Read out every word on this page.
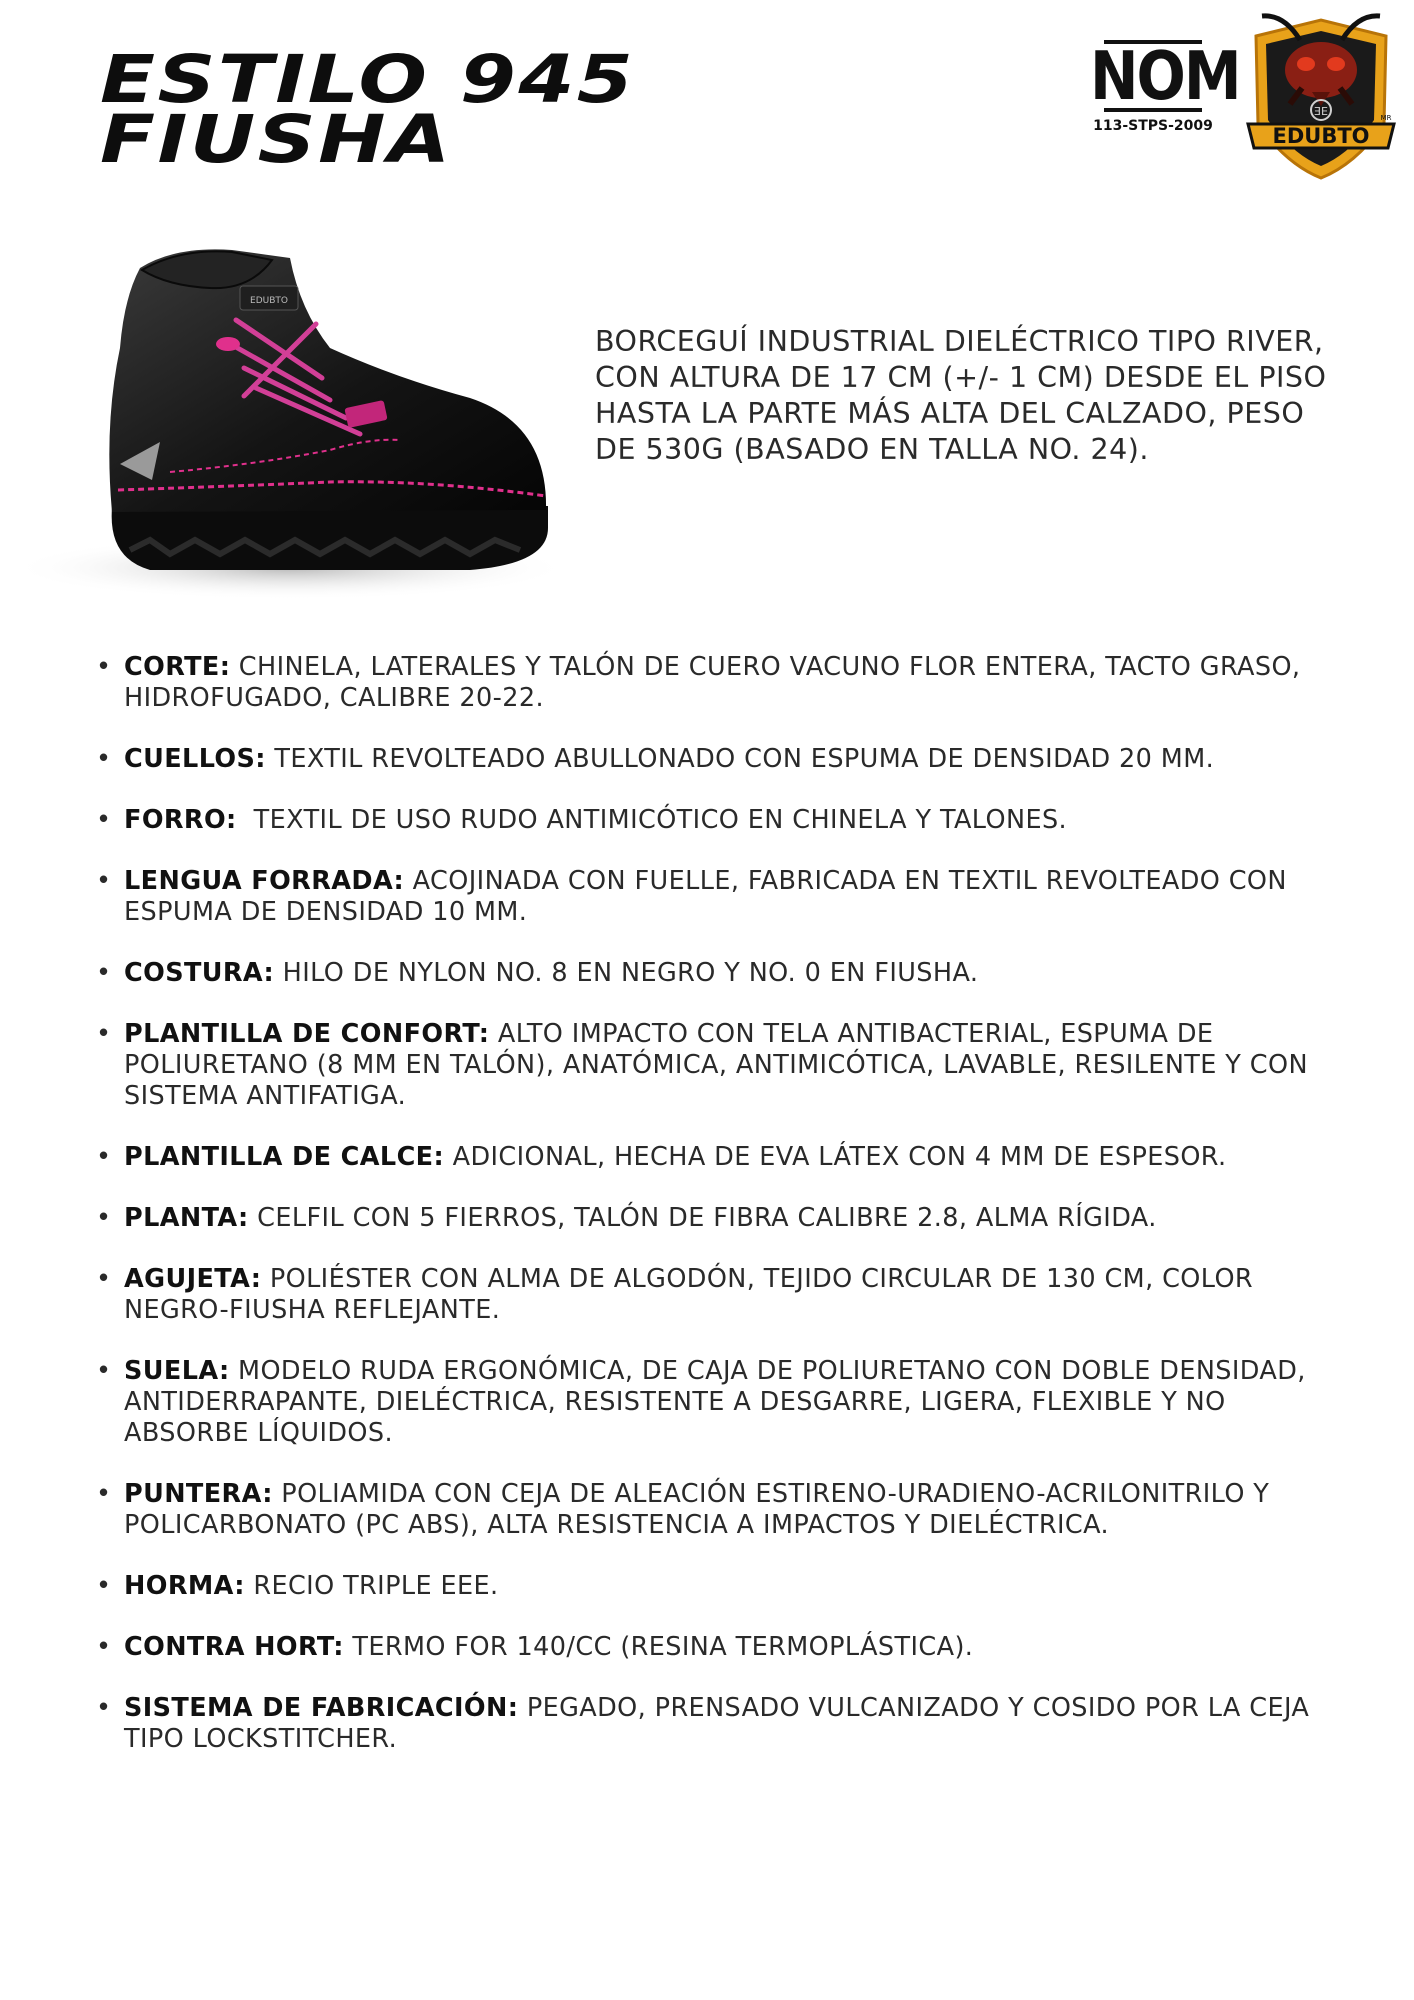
ESTILO 945
FIUSHA
NOM
113-STPS-2009
ƎE
EDUBTO
MR
EDUBTO

BORCEGUÍ INDUSTRIAL DIELÉCTRICO TIPO RIVER, CON ALTURA DE 17 CM (+/- 1 CM) DESDE EL PISO HASTA LA PARTE MÁS ALTA DEL CALZADO, PESO DE 530G (BASADO EN TALLA NO. 24).

• CORTE: CHINELA, LATERALES Y TALÓN DE CUERO VACUNO FLOR ENTERA, TACTO GRASO, HIDROFUGADO, CALIBRE 20-22.
• CUELLOS: TEXTIL REVOLTEADO ABULLONADO CON ESPUMA DE DENSIDAD 20 MM.
• FORRO:  TEXTIL DE USO RUDO ANTIMICÓTICO EN CHINELA Y TALONES.
• LENGUA FORRADA: ACOJINADA CON FUELLE, FABRICADA EN TEXTIL REVOLTEADO CON ESPUMA DE DENSIDAD 10 MM.
• COSTURA: HILO DE NYLON NO. 8 EN NEGRO Y NO. 0 EN FIUSHA.
• PLANTILLA DE CONFORT: ALTO IMPACTO CON TELA ANTIBACTERIAL, ESPUMA DE POLIURETANO (8 MM EN TALÓN), ANATÓMICA, ANTIMICÓTICA, LAVABLE, RESILENTE Y CON SISTEMA ANTIFATIGA.
• PLANTILLA DE CALCE: ADICIONAL, HECHA DE EVA LÁTEX CON 4 MM DE ESPESOR.
• PLANTA: CELFIL CON 5 FIERROS, TALÓN DE FIBRA CALIBRE 2.8, ALMA RÍGIDA.
• AGUJETA: POLIÉSTER CON ALMA DE ALGODÓN, TEJIDO CIRCULAR DE 130 CM, COLOR NEGRO-FIUSHA REFLEJANTE.
• SUELA: MODELO RUDA ERGONÓMICA, DE CAJA DE POLIURETANO CON DOBLE DENSIDAD, ANTIDERRAPANTE, DIELÉCTRICA, RESISTENTE A DESGARRE, LIGERA, FLEXIBLE Y NO ABSORBE LÍQUIDOS.
• PUNTERA: POLIAMIDA CON CEJA DE ALEACIÓN ESTIRENO-URADIENO-ACRILONITRILO Y POLICARBONATO (PC ABS), ALTA RESISTENCIA A IMPACTOS Y DIELÉCTRICA.
• HORMA: RECIO TRIPLE EEE.
• CONTRA HORT: TERMO FOR 140/CC (RESINA TERMOPLÁSTICA).
• SISTEMA DE FABRICACIÓN: PEGADO, PRENSADO VULCANIZADO Y COSIDO POR LA CEJA TIPO LOCKSTITCHER.
